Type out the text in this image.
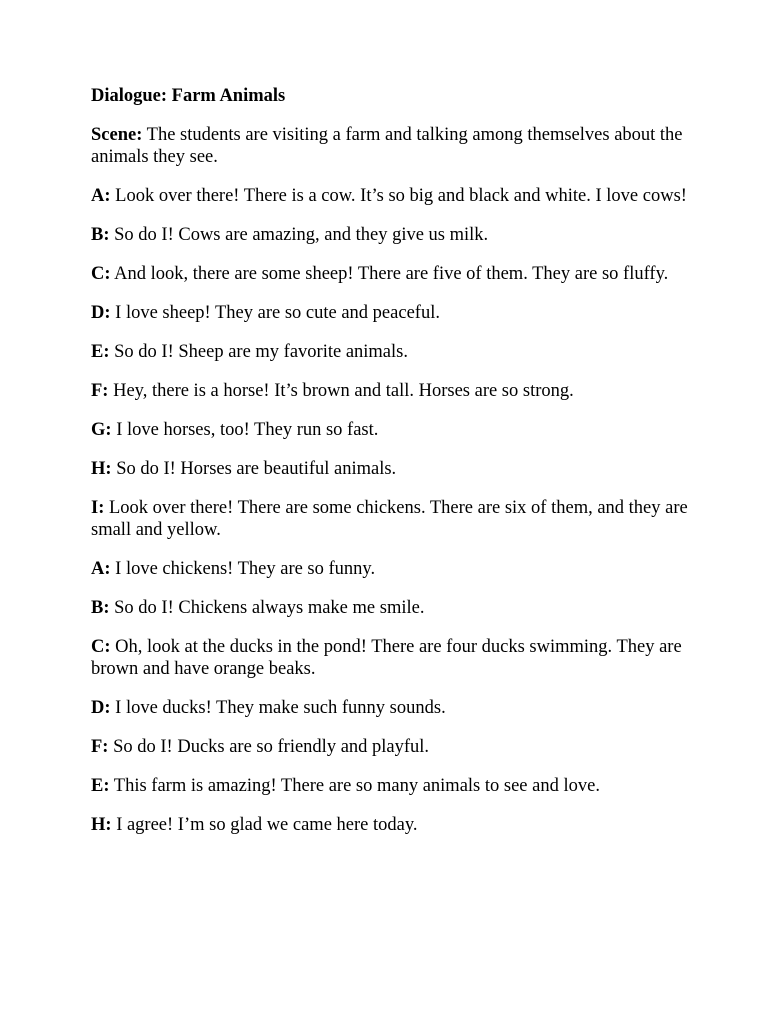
Dialogue: Farm Animals

Scene: The students are visiting a farm and talking among themselves about the animals they see.

A: Look over there! There is a cow. It’s so big and black and white. I love cows!

B: So do I! Cows are amazing, and they give us milk.

C: And look, there are some sheep! There are five of them. They are so fluffy.

D: I love sheep! They are so cute and peaceful.

E: So do I! Sheep are my favorite animals.

F: Hey, there is a horse! It’s brown and tall. Horses are so strong.

G: I love horses, too! They run so fast.

H: So do I! Horses are beautiful animals.

I: Look over there! There are some chickens. There are six of them, and they are small and yellow.

A: I love chickens! They are so funny.

B: So do I! Chickens always make me smile.

C: Oh, look at the ducks in the pond! There are four ducks swimming. They are brown and have orange beaks.

D: I love ducks! They make such funny sounds.

F: So do I! Ducks are so friendly and playful.

E: This farm is amazing! There are so many animals to see and love.

H: I agree! I’m so glad we came here today.
